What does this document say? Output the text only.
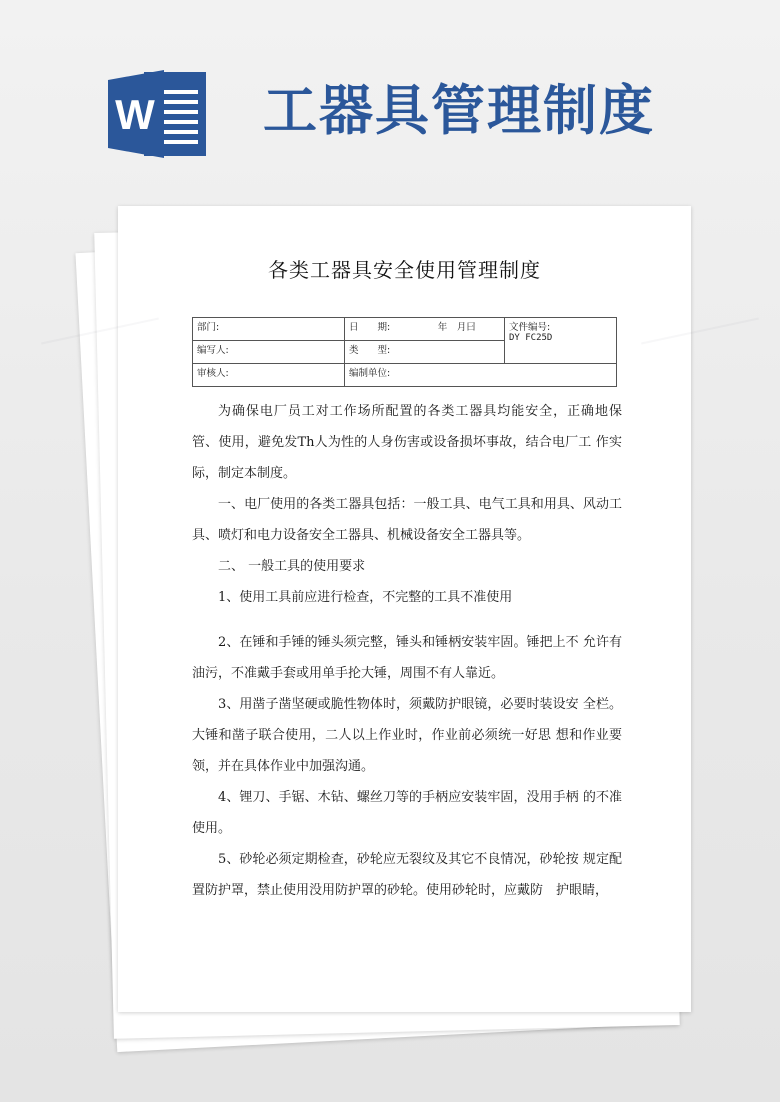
W 工器具管理制度
各类工器具安全使用管理制度
部门:	日　　期:　　　　　年　月曰	文件编号:
DY FC25D

编写人:	类　　型:	
审核人:	编制单位:	

为确保电厂员工对工作场所配置的各类工器具均能安全，正确地保 管、使用，避免发Th人为性的人身伤害或设备损坏事故，结合电厂工 作实际，制定本制度。

一、电厂使用的各类工器具包括：一般工具、电气工具和用具、风动工具、喷灯和电力设备安全工器具、机械设备安全工器具等。

二、 一般工具的使用要求

1、使用工具前应进行检查，不完整的工具不准使用

2、在锤和手锤的锤头须完整，锤头和锤柄安装牢固。锤把上不 允许有油污，不准戴手套或用单手抡大锤，周围不有人靠近。

3、用凿子凿坚硬或脆性物体时，须戴防护眼镜，必要时装设安 全栏。大锤和凿子联合使用，二人以上作业时，作业前必须统一好思 想和作业要领，并在具体作业中加强沟通。

4、锂刀、手锯、木钻、螺丝刀等的手柄应安装牢固，没用手柄 的不准使用。

5、砂轮必须定期检查，砂轮应无裂纹及其它不良情况，砂轮按 规定配置防护罩，禁止使用没用防护罩的砂轮。使用砂轮时，应戴防　护眼睛，
